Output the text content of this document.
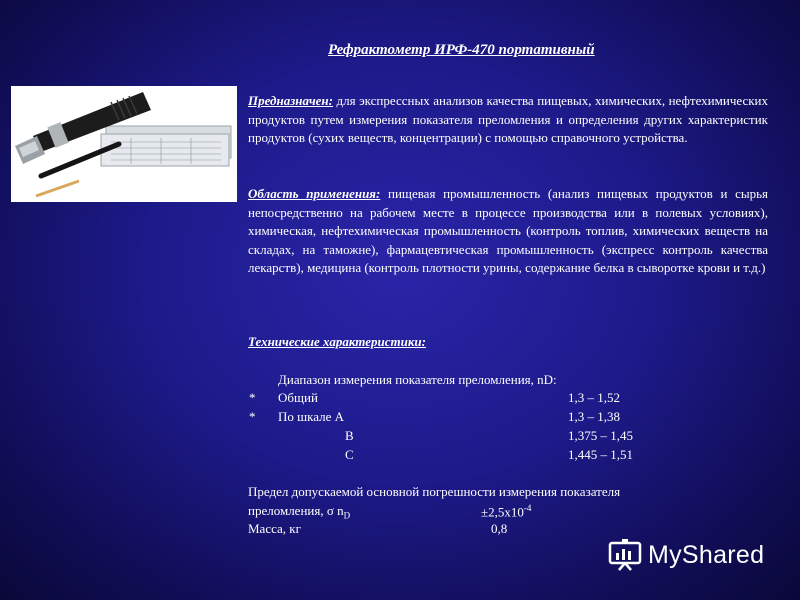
Рефрактометр ИРФ-470 портативный
Предназначен: для экспрессных анализов качества пищевых, химических, нефтехимических продуктов путем измерения показателя преломления и определения других характеристик продуктов (сухих веществ, концентрации) с помощью справочного устройства.
Область применения: пищевая промышленность (анализ пищевых продуктов и сырья непосредственно на рабочем месте в процессе производства или в полевых условиях), химическая, нефтехимическая промышленность (контроль топлив, химических веществ на складах, на таможне), фармацевтическая промышленность (экспресс контроль качества лекарств), медицина (контроль плотности урины, содержание белка в сыворотке крови и т.д.)
Технические характеристики:
Диапазон измерения показателя преломления, nD:
* Общий	1,3 – 1,52
* По шкале А	1,3 – 1,38
В	1,375 – 1,45
С	1,445 – 1,51
Предел допускаемой основной погрешности измерения показателя
преломления, σ $n_D$	$\pm 2,5x10^{-4}$
Масса, кг	0,8
MyShared
